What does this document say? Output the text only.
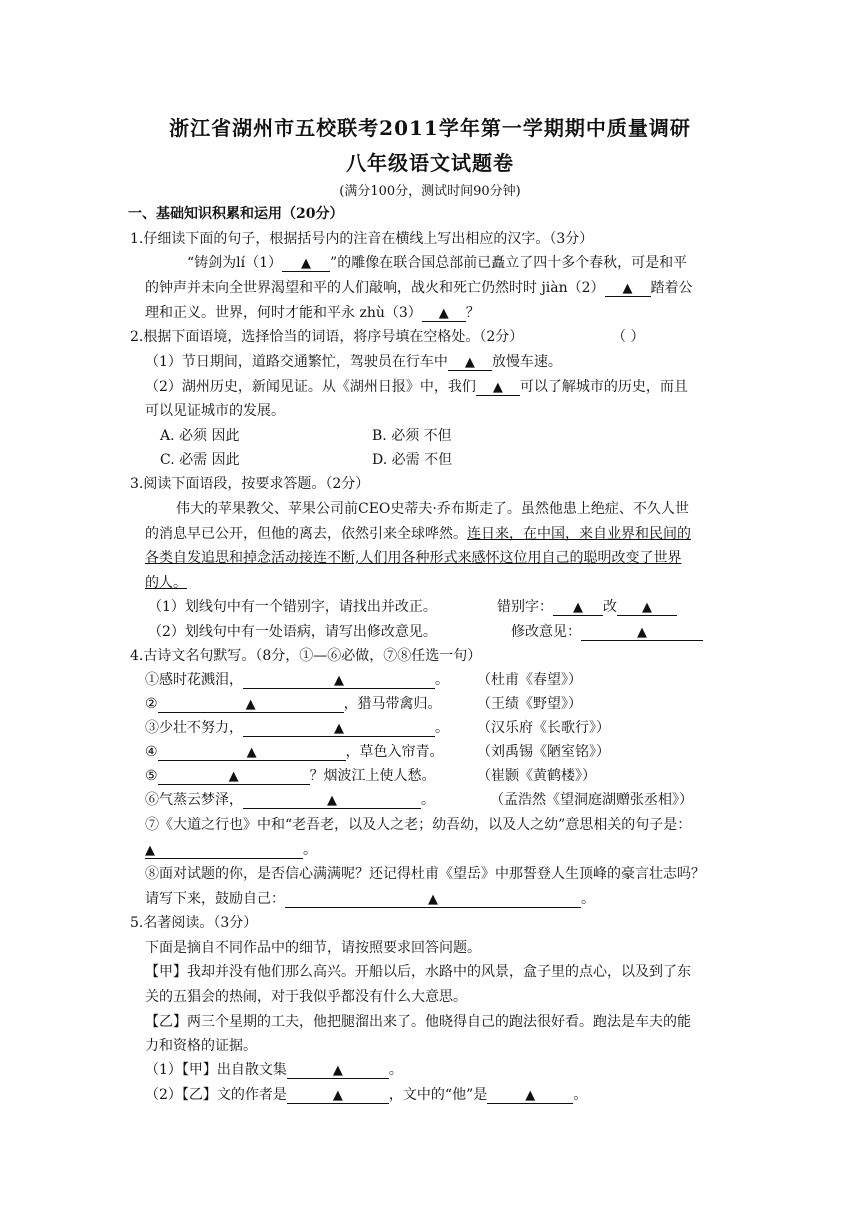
浙江省湖州市五校联考2011学年第一学期期中质量调研
八年级语文试题卷
(满分100分，测试时间90分钟)
一、基础知识积累和运用（20分）
1.仔细读下面的句子，根据括号内的注音在横线上写出相应的汉字。（3分）
“铸剑为lí（1） ▲ ”的雕像在联合国总部前已矗立了四十多个春秋，可是和平
的钟声并未向全世界渴望和平的人们敲响，战火和死亡仍然时时 jiàn（2） ▲ 踏着公
理和正义。世界，何时才能和平永 zhù（3） ▲ ？
2.根据下面语境，选择恰当的词语，将序号填在空格处。（2分）	（ ）
（1）节日期间，道路交通繁忙，驾驶员在行车中 ▲ 放慢车速。
（2）湖州历史，新闻见证。从《湖州日报》中，我们 ▲ 可以了解城市的历史，而且
可以见证城市的发展。
A. 必须 因此	B. 必须 不但
C. 必需 因此	D. 必需 不但
3.阅读下面语段，按要求答题。（2分）
伟大的苹果教父、苹果公司前CEO史蒂夫·乔布斯走了。虽然他患上绝症、不久人世
的消息早已公开，但他的离去，依然引来全球哗然。连日来，在中国，来自业界和民间的
各类自发追思和掉念活动接连不断,人们用各种形式来感怀这位用自己的聪明改变了世界
的人。
（1）划线句中有一个错别字，请找出并改正。	错别字： ▲ 改 ▲
（2）划线句中有一处语病，请写出修改意见。	修改意见：	▲
4.古诗文名句默写。（8分，①—⑥必做，⑦⑧任选一句）
①感时花溅泪，	▲	。 （杜甫《春望》）
②	▲	，猎马带禽归。	（王绩《野望》）
③少壮不努力，	▲	。 （汉乐府《长歌行》）
④	▲	，草色入帘青。 （刘禹锡《陋室铭》）
⑤	▲	？烟波江上使人愁。	（崔颢《黄鹤楼》）
⑥气蒸云梦泽，	▲	。	（孟浩然《望洞庭湖赠张丞相》）
⑦《大道之行也》中和“老吾老，以及人之老；幼吾幼，以及人之幼”意思相关的句子是：
▲	。
⑧面对试题的你，是否信心满满呢？还记得杜甫《望岳》中那誓登人生顶峰的豪言壮志吗？
请写下来，鼓励自己：	▲	。
5.名著阅读。（3分）
下面是摘自不同作品中的细节，请按照要求回答问题。
【甲】我却并没有他们那么高兴。开船以后，水路中的风景，盒子里的点心，以及到了东
关的五猖会的热闹，对于我似乎都没有什么大意思。
【乙】两三个星期的工夫，他把腿溜出来了。他晓得自己的跑法很好看。跑法是车夫的能
力和资格的证据。
（1）【甲】出自散文集	▲	。
（2）【乙】文的作者是	▲	，文中的“他”是	▲	。
